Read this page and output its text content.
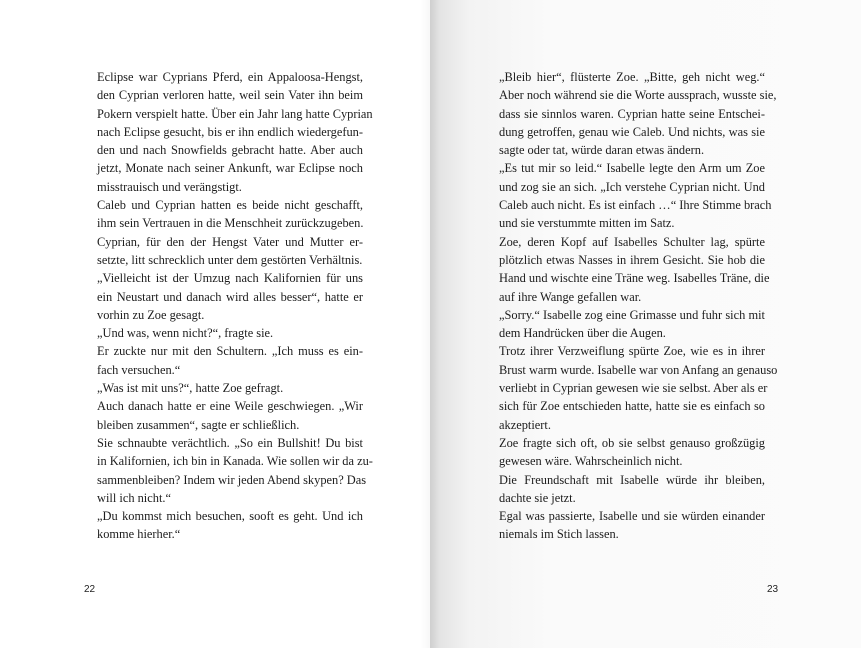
Eclipse war Cyprians Pferd, ein Appaloosa-Hengst,
den Cyprian verloren hatte, weil sein Vater ihn beim
Pokern verspielt hatte. Über ein Jahr lang hatte Cyprian
nach Eclipse gesucht, bis er ihn endlich wiedergefun-
den und nach Snowfields gebracht hatte. Aber auch
jetzt, Monate nach seiner Ankunft, war Eclipse noch
misstrauisch und verängstigt.
Caleb und Cyprian hatten es beide nicht geschafft,
ihm sein Vertrauen in die Menschheit zurückzugeben.
Cyprian, für den der Hengst Vater und Mutter er-
setzte, litt schrecklich unter dem gestörten Verhältnis.
„Vielleicht ist der Umzug nach Kalifornien für uns
ein Neustart und danach wird alles besser“, hatte er
vorhin zu Zoe gesagt.
„Und was, wenn nicht?“, fragte sie.
Er zuckte nur mit den Schultern. „Ich muss es ein-
fach versuchen.“
„Was ist mit uns?“, hatte Zoe gefragt.
Auch danach hatte er eine Weile geschwiegen. „Wir
bleiben zusammen“, sagte er schließlich.
Sie schnaubte verächtlich. „So ein Bullshit! Du bist
in Kalifornien, ich bin in Kanada. Wie sollen wir da zu-
sammenbleiben? Indem wir jeden Abend skypen? Das
will ich nicht.“
„Du kommst mich besuchen, sooft es geht. Und ich
komme hierher.“
22
„Bleib hier“, flüsterte Zoe. „Bitte, geh nicht weg.“
Aber noch während sie die Worte aussprach, wusste sie,
dass sie sinnlos waren. Cyprian hatte seine Entschei-
dung getroffen, genau wie Caleb. Und nichts, was sie
sagte oder tat, würde daran etwas ändern.
„Es tut mir so leid.“ Isabelle legte den Arm um Zoe
und zog sie an sich. „Ich verstehe Cyprian nicht. Und
Caleb auch nicht. Es ist einfach …“ Ihre Stimme brach
und sie verstummte mitten im Satz.
Zoe, deren Kopf auf Isabelles Schulter lag, spürte
plötzlich etwas Nasses in ihrem Gesicht. Sie hob die
Hand und wischte eine Träne weg. Isabelles Träne, die
auf ihre Wange gefallen war.
„Sorry.“ Isabelle zog eine Grimasse und fuhr sich mit
dem Handrücken über die Augen.
Trotz ihrer Verzweiflung spürte Zoe, wie es in ihrer
Brust warm wurde. Isabelle war von Anfang an genauso
verliebt in Cyprian gewesen wie sie selbst. Aber als er
sich für Zoe entschieden hatte, hatte sie es einfach so
akzeptiert.
Zoe fragte sich oft, ob sie selbst genauso großzügig
gewesen wäre. Wahrscheinlich nicht.
Die Freundschaft mit Isabelle würde ihr bleiben,
dachte sie jetzt.
Egal was passierte, Isabelle und sie würden einander
niemals im Stich lassen.
23
